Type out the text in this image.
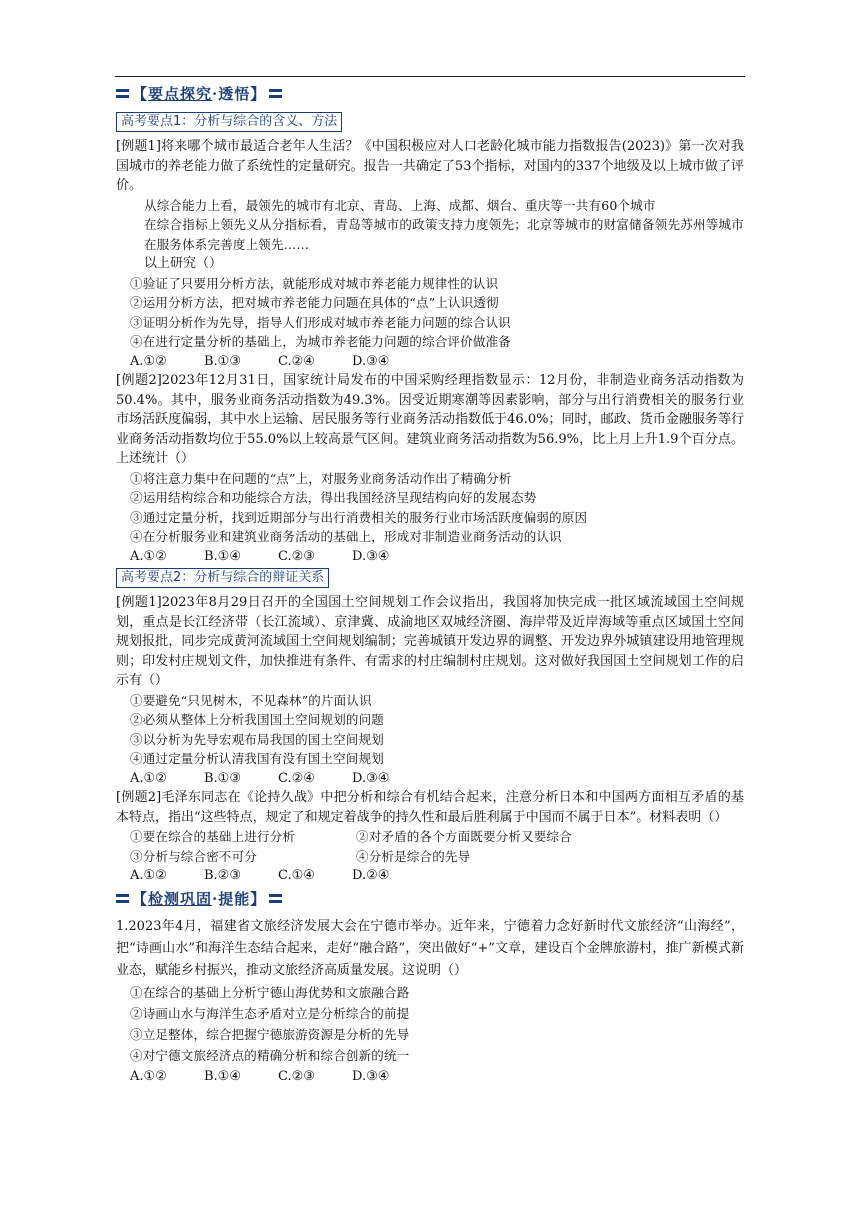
【要点探究·透悟】
高考要点1：分析与综合的含义、方法

[例题1]将来哪个城市最适合老年人生活？《中国积极应对人口老龄化城市能力指数报告(2023)》第一次对我国城市的养老能力做了系统性的定量研究。报告一共确定了53个指标，对国内的337个地级及以上城市做了评价。

从综合能力上看，最领先的城市有北京、青岛、上海、成都、烟台、重庆等一共有60个城市

在综合指标上领先义从分指标看，青岛等城市的政策支持力度领先；北京等城市的财富储备领先苏州等城市在服务体系完善度上领先……

以上研究（）

①验证了只要用分析方法，就能形成对城市养老能力规律性的认识

②运用分析方法，把对城市养老能力问题在具体的“点”上认识透彻

③证明分析作为先导，指导人们形成对城市养老能力问题的综合认识

④在进行定量分析的基础上，为城市养老能力问题的综合评价做准备

A.①②	B.①③	C.②④	D.③④

[例题2]2023年12月31日，国家统计局发布的中国采购经理指数显示：12月份，非制造业商务活动指数为50.4%。其中，服务业商务活动指数为49.3%。因受近期寒潮等因素影响，部分与出行消费相关的服务行业市场活跃度偏弱，其中水上运输、居民服务等行业商务活动指数低于46.0%；同时，邮政、货币金融服务等行业商务活动指数均位于55.0%以上较高景气区间。建筑业商务活动指数为56.9%，比上月上升1.9个百分点。上述统计（）

①将注意力集中在问题的“点”上，对服务业商务活动作出了精确分析

②运用结构综合和功能综合方法，得出我国经济呈现结构向好的发展态势

③通过定量分析，找到近期部分与出行消费相关的服务行业市场活跃度偏弱的原因

④在分析服务业和建筑业商务活动的基础上，形成对非制造业商务活动的认识

A.①②	B.①④	C.②③	D.③④

高考要点2：分析与综合的辩证关系

[例题1]2023年8月29日召开的全国国土空间规划工作会议指出，我国将加快完成一批区域流域国土空间规划，重点是长江经济带（长江流域）、京津冀、成渝地区双城经济圈、海岸带及近岸海域等重点区域国土空间规划报批，同步完成黄河流域国土空间规划编制；完善城镇开发边界的调整、开发边界外城镇建设用地管理规则；印发村庄规划文件，加快推进有条件、有需求的村庄编制村庄规划。这对做好我国国土空间规划工作的启示有（）

①要避免“只见树木，不见森林”的片面认识

②必须从整体上分析我国国土空间规划的问题

③以分析为先导宏观布局我国的国土空间规划

④通过定量分析认清我国有没有国土空间规划

A.①②	B.①③	C.②④	D.③④

[例题2]毛泽东同志在《论持久战》中把分析和综合有机结合起来，注意分析日本和中国两方面相互矛盾的基本特点，指出“这些特点，规定了和规定着战争的持久性和最后胜利属于中国而不属于日本”。材料表明（）

①要在综合的基础上进行分析	②对矛盾的各个方面既要分析又要综合
③分析与综合密不可分	④分析是综合的先导

A.①②	B.②③	C.①④	D.②④

【检测巩固·提能】

1.2023年4月，福建省文旅经济发展大会在宁德市举办。近年来，宁德着力念好新时代文旅经济“山海经”，把“诗画山水”和海洋生态结合起来，走好“融合路”，突出做好“+”文章，建设百个金牌旅游村，推广新模式新业态，赋能乡村振兴，推动文旅经济高质量发展。这说明（）

①在综合的基础上分析宁德山海优势和文旅融合路

②诗画山水与海洋生态矛盾对立是分析综合的前提

③立足整体，综合把握宁德旅游资源是分析的先导

④对宁德文旅经济点的精确分析和综合创新的统一

A.①②	B.①④	C.②③	D.③④
